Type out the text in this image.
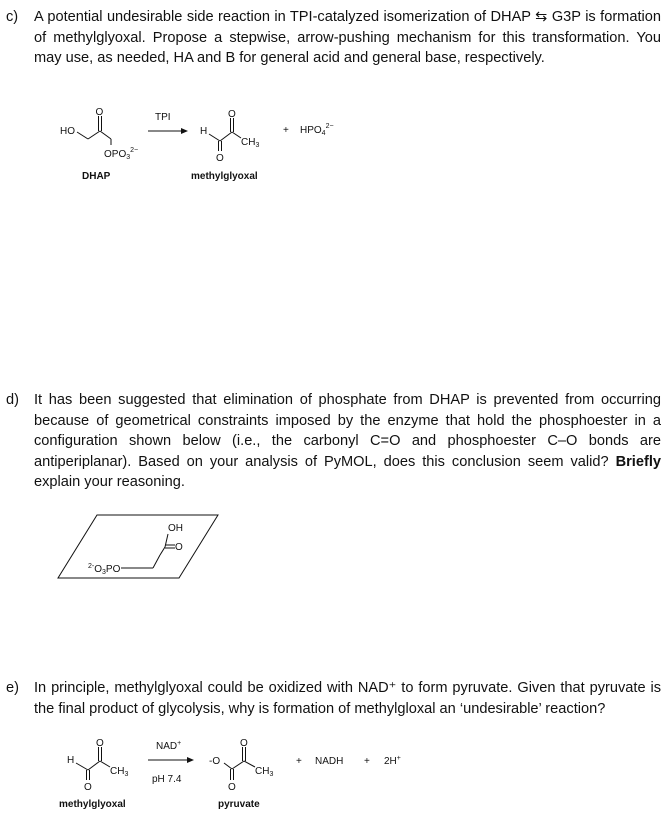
c) A potential undesirable side reaction in TPI-catalyzed isomerization of DHAP ⇆ G3P is formation of methylglyoxal. Propose a stepwise, arrow-pushing mechanism for this transformation. You may use, as needed, HA and B for general acid and general base, respectively.
HO
O
$OPO_3^{2-}$
DHAP
TPI
H
O
O
$CH_3$
methylglyoxal
+ $HPO_4^{2-}$
d) It has been suggested that elimination of phosphate from DHAP is prevented from occurring because of geometrical constraints imposed by the enzyme that hold the phosphoester in a configuration shown below (i.e., the carbonyl C=O and phosphoester C–O bonds are antiperiplanar). Based on your analysis of PyMOL, does this conclusion seem valid? Briefly explain your reasoning.
OH
O
$^{2-}O_3PO$
e) In principle, methylglyoxal could be oxidized with NAD⁺ to form pyruvate. Given that pyruvate is the final product of glycolysis, why is formation of methylgloxal an ‘undesirable’ reaction?
H
O
O
$CH_3$
methylglyoxal
NAD+
pH 7.4
-O
O
O
$CH_3$
pyruvate
+ NADH + 2H+
